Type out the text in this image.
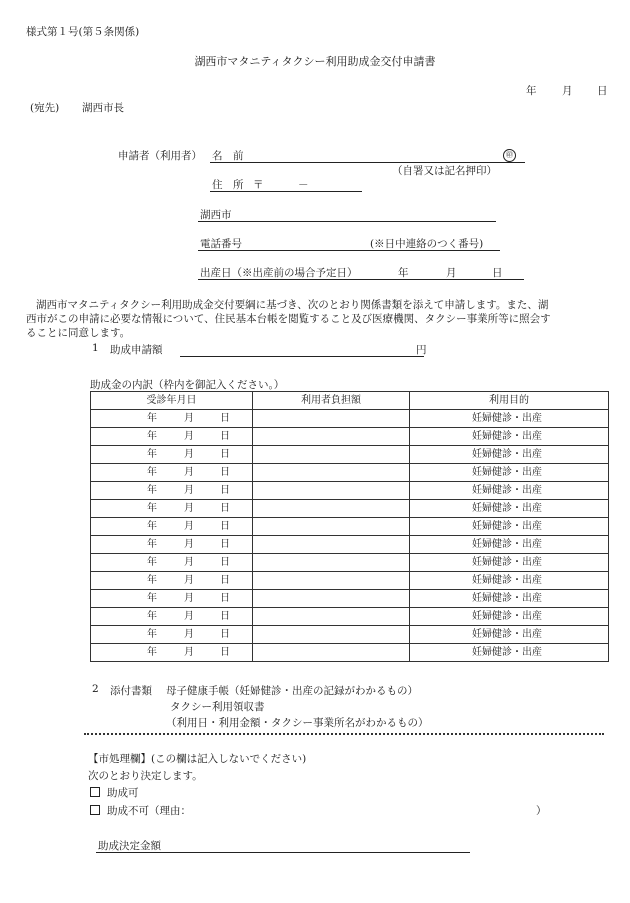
様式第１号(第５条関係)
湖西市マタニティタクシー利用助成金交付申請書
年 月 日
(宛先) 湖西市長
申請者（利用者） 名　前	㊞
（自署又は記名押印）
住　所 〒	－
湖西市
電話番号	(※日中連絡のつく番号)
出産日（※出産前の場合予定日）	年	月	日
湖西市マタニティタクシー利用助成金交付要綱に基づき、次のとおり関係書類を添えて申請します。また、湖
西市がこの申請に必要な情報について、住民基本台帳を閲覧すること及び医療機関、タクシー事業所等に照会す
ることに同意します。
1 助成申請額	円
助成金の内訳（枠内を御記入ください。）
受診年月日	利用者負担額	利用目的

年 月 日		妊婦健診・出産

年 月 日		妊婦健診・出産

年 月 日		妊婦健診・出産

年 月 日		妊婦健診・出産

年 月 日		妊婦健診・出産

年 月 日		妊婦健診・出産

年 月 日		妊婦健診・出産

年 月 日		妊婦健診・出産

年 月 日		妊婦健診・出産

年 月 日		妊婦健診・出産

年 月 日		妊婦健診・出産

年 月 日		妊婦健診・出産

年 月 日		妊婦健診・出産

年 月 日		妊婦健診・出産
2 添付書類 母子健康手帳（妊婦健診・出産の記録がわかるもの）
タクシー利用領収書
（利用日・利用金額・タクシー事業所名がわかるもの）
【市処理欄】(この欄は記入しないでください)
次のとおり決定します。
助成可
助成不可（理由：	）
助成決定金額
